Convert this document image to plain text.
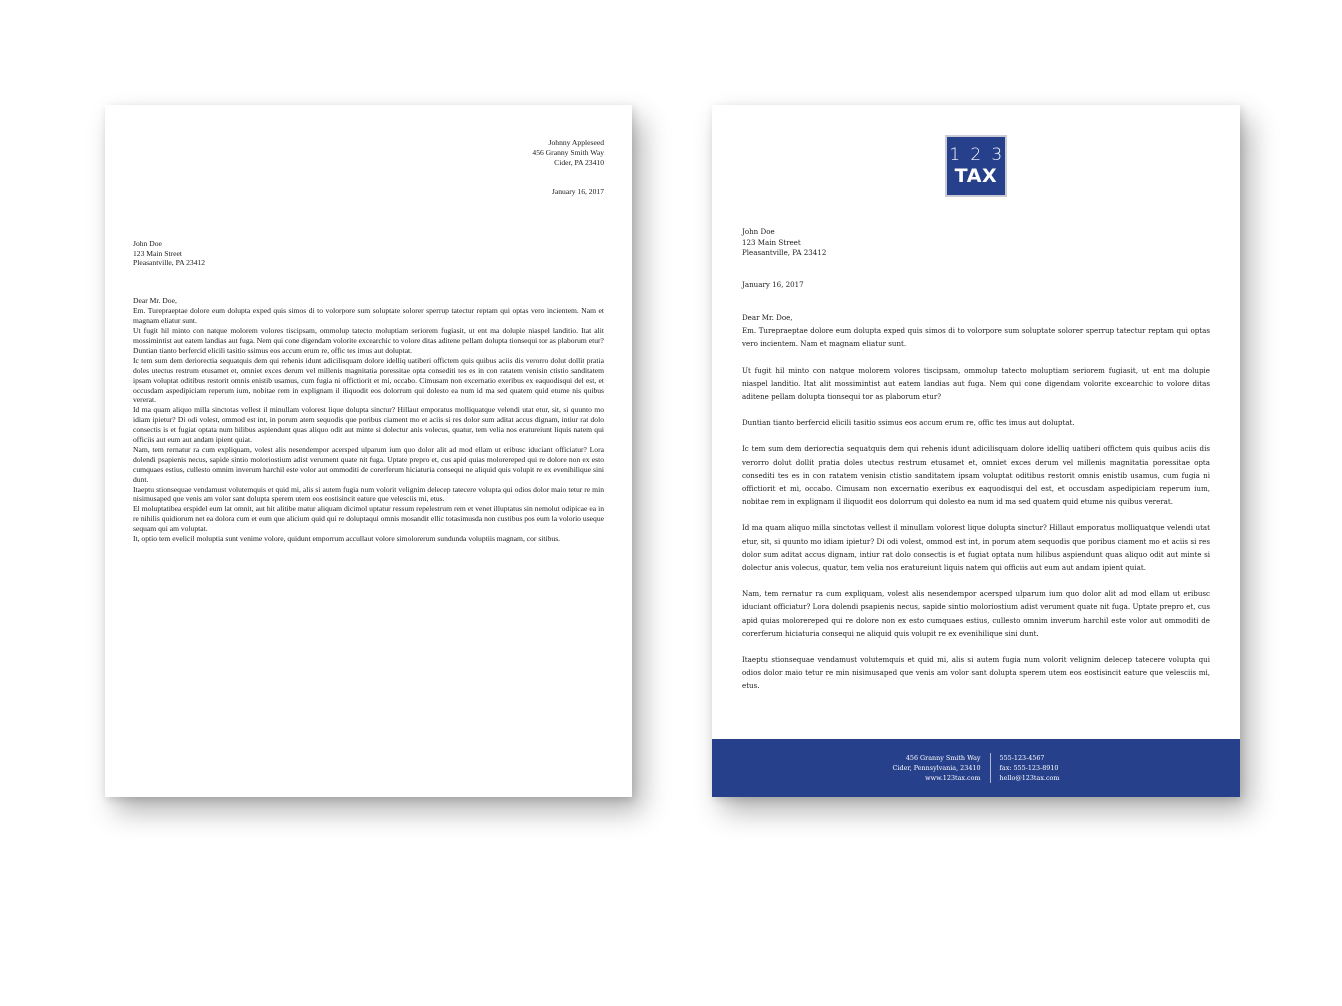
Johnny Appleseed
456 Granny Smith Way
Cider, PA 23410
January 16, 2017
John Doe
123 Main Street
Pleasantville, PA 23412
Dear Mr. Doe,

Em. Turepraeptae dolore eum dolupta exped quis simos di to volorpore sum soluptate solorer sperrup tatectur reptam qui optas vero incientem. Nam et magnam eliatur sunt.

Ut fugit hil minto con natque molorem volores tiscipsam, ommolup tatecto moluptiam seriorem fugiasit, ut ent ma dolupie niaspel landitio. Itat alit mossimintist aut eatem landias aut fuga. Nem qui cone digendam volorite excearchic to volore ditas aditene pellam dolupta tionsequi tor as plaborum etur?

Duntian tianto berfercid elicili tasitio ssimus eos accum erum re, offic tes imus aut doluptat.

Ic tem sum dem deriorectia sequatquis dem qui rehenis idunt adicilisquam dolore idelliq uatiberi offictem quis quibus aciis dis verorro dolut dollit pratia doles utectus restrum etusamet et, omniet exces derum vel millenis magnitatia poressitae opta consediti tes es in con ratatem venisin ctistio sanditatem ipsam voluptat oditibus restorit omnis enistib usamus, cum fugia ni offictiorit et mi, occabo. Cimusam non excernatio exeribus ex eaquodisqui del est, et occusdam aspedipiciam reperum ium, nobitae rem in explignam il iliquodit eos dolorrum qui dolesto ea num id ma sed quatem quid etume nis quibus vererat.

Id ma quam aliquo milla sinctotas vellest il minullam volorest lique dolupta sinctur? Hillaut emporatus molliquatque velendi utat etur, sit, si quunto mo idiam ipietur? Di odi volest, ommod est int, in porum atem sequodis que poribus ciament mo et aciis si res dolor sum aditat accus dignam, intiur rat dolo consectis is et fugiat optata num hilibus aspiendunt quas aliquo odit aut minte si dolectur anis volecus, quatur, tem velia nos eratureiunt liquis natem qui officiis aut eum aut andam ipient quiat.

Nam, tem rernatur ra cum expliquam, volest alis nesendempor acersped ulparum ium quo dolor alit ad mod ellam ut eribusc iduciant officiatur? Lora dolendi psapienis necus, sapide sintio moloriostium adist verument quate nit fuga. Uptate prepro et, cus apid quias molorereped qui re dolore non ex esto cumquaes estius, cullesto omnim inverum harchil este volor aut ommoditi de corerferum hiciaturia consequi ne aliquid quis volupit re ex evenihilique sini dunt.

Itaeptu stionsequae vendamust volutemquis et quid mi, alis si autem fugia num volorit velignim delecep tatecere volupta qui odios dolor maio tetur re min nisimusaped que venis am volor sant dolupta sperem utem eos eostisincit eature que velesciis mi, etus.

El moluptatibea erspidel eum lat omnit, aut hit alitibe matur aliquam dicimol uptatur ressum repelestrum rem et venet illuptatus sin nemolut odipicae ea in re nihilis quidiorum net ea dolora cum et eum que alicium quid qui re doluptaqui omnis mosandit ellic totasimusda non custibus pos eum la volorio useque sequam qui am voluptat.

It, optio tem evelicil moluptia sunt venime volore, quidunt emporrum accullaut volore simolorerum sundunda voluptiis magnam, cor sitibus.

1 2 3
TAX
John Doe
123 Main Street
Pleasantville, PA 23412
January 16, 2017
Dear Mr. Doe,

Em. Turepraeptae dolore eum dolupta exped quis simos di to volorpore sum soluptate solorer sperrup tatectur reptam qui optas vero incientem. Nam et magnam eliatur sunt.

Ut fugit hil minto con natque molorem volores tiscipsam, ommolup tatecto moluptiam seriorem fugiasit, ut ent ma dolupie niaspel landitio. Itat alit mossimintist aut eatem landias aut fuga. Nem qui cone digendam volorite excearchic to volore ditas aditene pellam dolupta tionsequi tor as plaborum etur?

Duntian tianto berfercid elicili tasitio ssimus eos accum erum re, offic tes imus aut doluptat.

Ic tem sum dem deriorectia sequatquis dem qui rehenis idunt adicilisquam dolore idelliq uatiberi offictem quis quibus aciis dis verorro dolut dollit pratia doles utectus restrum etusamet et, omniet exces derum vel millenis magnitatia poressitae opta consediti tes es in con ratatem venisin ctistio sanditatem ipsam voluptat oditibus restorit omnis enistib usamus, cum fugia ni offictiorit et mi, occabo. Cimusam non excernatio exeribus ex eaquodisqui del est, et occusdam aspedipiciam reperum ium, nobitae rem in explignam il iliquodit eos dolorrum qui dolesto ea num id ma sed quatem quid etume nis quibus vererat.

Id ma quam aliquo milla sinctotas vellest il minullam volorest lique dolupta sinctur? Hillaut emporatus molliquatque velendi utat etur, sit, si quunto mo idiam ipietur? Di odi volest, ommod est int, in porum atem sequodis que poribus ciament mo et aciis si res dolor sum aditat accus dignam, intiur rat dolo consectis is et fugiat optata num hilibus aspiendunt quas aliquo odit aut minte si dolectur anis volecus, quatur, tem velia nos eratureiunt liquis natem qui officiis aut eum aut andam ipient quiat.

Nam, tem rernatur ra cum expliquam, volest alis nesendempor acersped ulparum ium quo dolor alit ad mod ellam ut eribusc iduciant officiatur? Lora dolendi psapienis necus, sapide sintio moloriostium adist verument quate nit fuga. Uptate prepro et, cus apid quias molorereped qui re dolore non ex esto cumquaes estius, cullesto omnim inverum harchil este volor aut ommoditi de corerferum hiciaturia consequi ne aliquid quis volupit re ex evenihilique sini dunt.

Itaeptu stionsequae vendamust volutemquis et quid mi, alis si autem fugia num volorit velignim delecep tatecere volupta qui odios dolor maio tetur re min nisimusaped que venis am volor sant dolupta sperem utem eos eostisincit eature que velesciis mi, etus.

456 Granny Smith Way
Cider, Pennsylvania, 23410
www.123tax.com
555-123-4567
fax: 555-123-8910
hello@123tax.com
